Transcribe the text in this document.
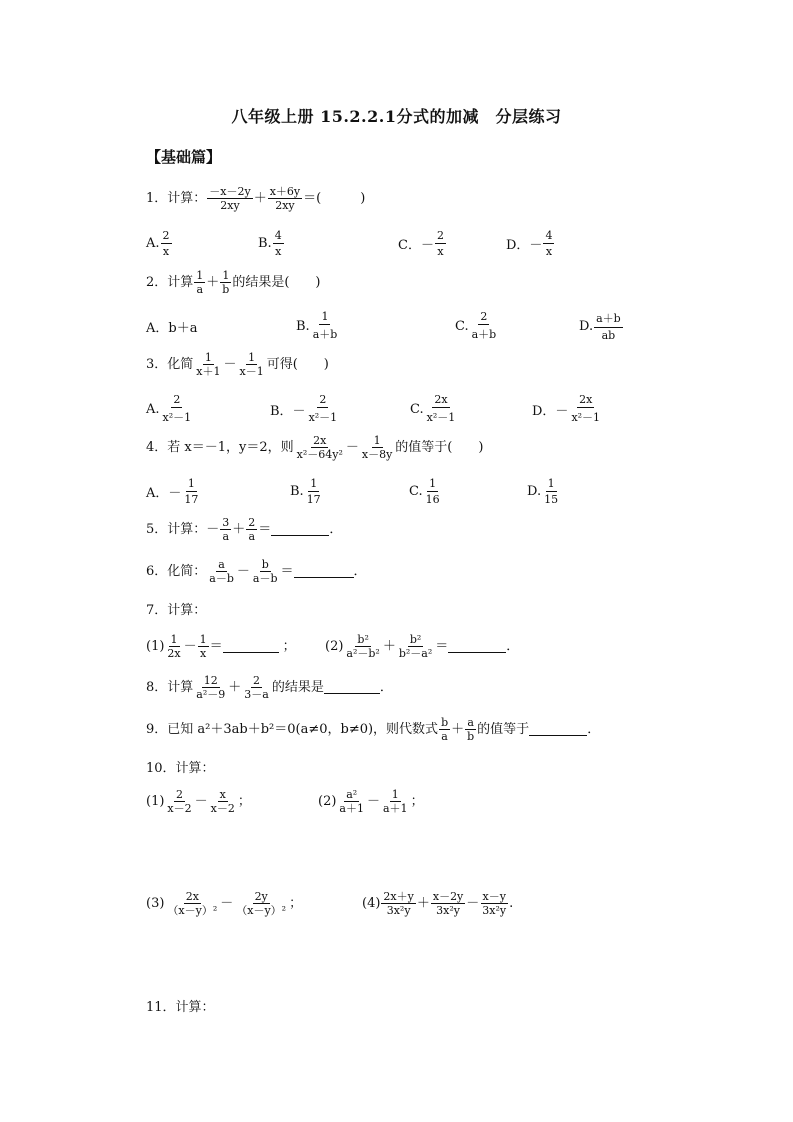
八年级上册 15.2.2.1分式的加减　分层练习
【基础篇】
1．计算： $\frac{-x-2y}{2xy} + \frac{x+6y}{2xy}$ ＝(　　　)
A. $\frac{2}{x}$	B. $\frac{4}{x}$	C．－ $\frac{2}{x}$	D．－ $\frac{4}{x}$
2．计算 $\frac{1}{a} + \frac{1}{b}$ 的结果是(　　)
A．b＋a	B. $\frac{1}{a+b}$	C. $\frac{2}{a+b}$	D. $\frac{a+b}{ab}$
3．化简 $\frac{1}{x+1} - \frac{1}{x-1}$ 可得(　　)
A. $\frac{2}{\text{x²－1}}$	B．－ $\frac{2}{\text{x²－1}}$	C. $\frac{2x}{\text{x²－1}}$	D．－ $\frac{2x}{\text{x²－1}}$
4．若 x＝－1，y＝2，则 $\frac{2x}{\text{x²－64y²}} - \frac{1}{x-8y}$ 的值等于(　　)
A．－ $\frac{1}{17}$	B. $\frac{1}{17}$	C. $\frac{1}{16}$	D. $\frac{1}{15}$
5．计算：－ $\frac{3}{a} + \frac{2}{a}$ ＝	．
6．化简： $\frac{a}{a-b} - \frac{b}{a-b}$ ＝	．
7．计算：
$(1) \frac{1}{2x} - \frac{1}{x}$ ＝	； $(2) \frac{\text{b²}}{\text{a²－b²}} + \frac{\text{b²}}{\text{b²－a²}}$ ＝	．
8．计算 $\frac{12}{\text{a²－9}} + \frac{2}{3-a}$ 的结果是	．
9．已知 a²＋3ab＋b²＝0(a≠0，b≠0)，则代数式 $\frac{b}{a} + \frac{a}{b}$ 的值等于	．
10．计算：
$(1) \frac{2}{x-2} - \frac{x}{x-2}$ ；	$(2) \frac{\text{a²}}{a+1} - \frac{1}{a+1}$ ；
$(3) \frac{2x}{\text{（x－y）²}} - \frac{2y}{\text{（x－y）²}}$ ；	$(4) \frac{2x+y}{\text{3x²y}} + \frac{x-2y}{\text{3x²y}} - \frac{x-y}{\text{3x²y}}$ .
11．计算：
